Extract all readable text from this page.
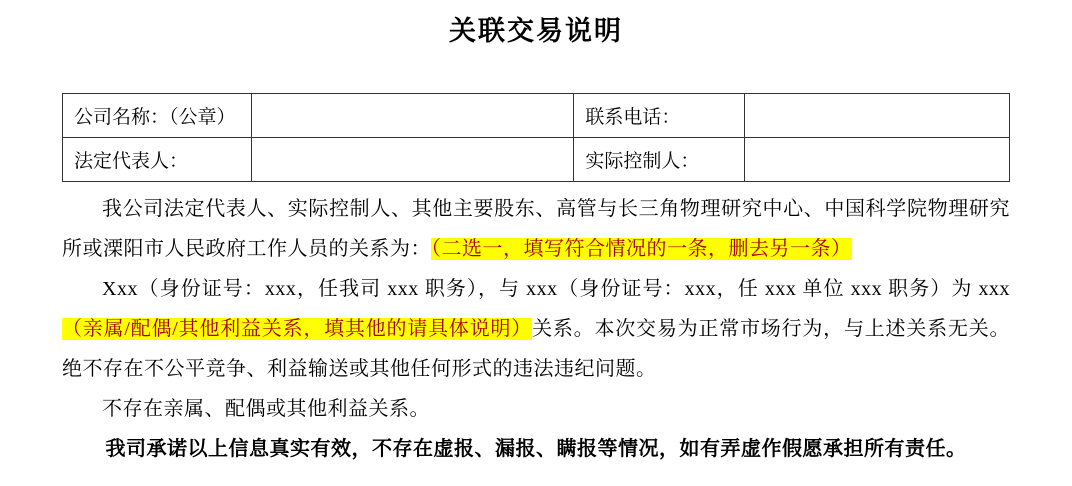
关联交易说明
公司名称：（公章）		联系电话：	
法定代表人：		实际控制人：	

我公司法定代表人、实际控制人、其他主要股东、高管与长三角物理研究中心、中国科学院物理研究所或溧阳市人民政府工作人员的关系为：（二选一，填写符合情况的一条，删去另一条）

Xxx（身份证号：xxx，任我司 xxx 职务），与 xxx（身份证号：xxx，任 xxx 单位 xxx 职务）为 xxx（亲属/配偶/其他利益关系，填其他的请具体说明）关系。本次交易为正常市场行为，与上述关系无关。绝不存在不公平竞争、利益输送或其他任何形式的违法违纪问题。

不存在亲属、配偶或其他利益关系。

我司承诺以上信息真实有效，不存在虚报、漏报、瞒报等情况，如有弄虚作假愿承担所有责任。
